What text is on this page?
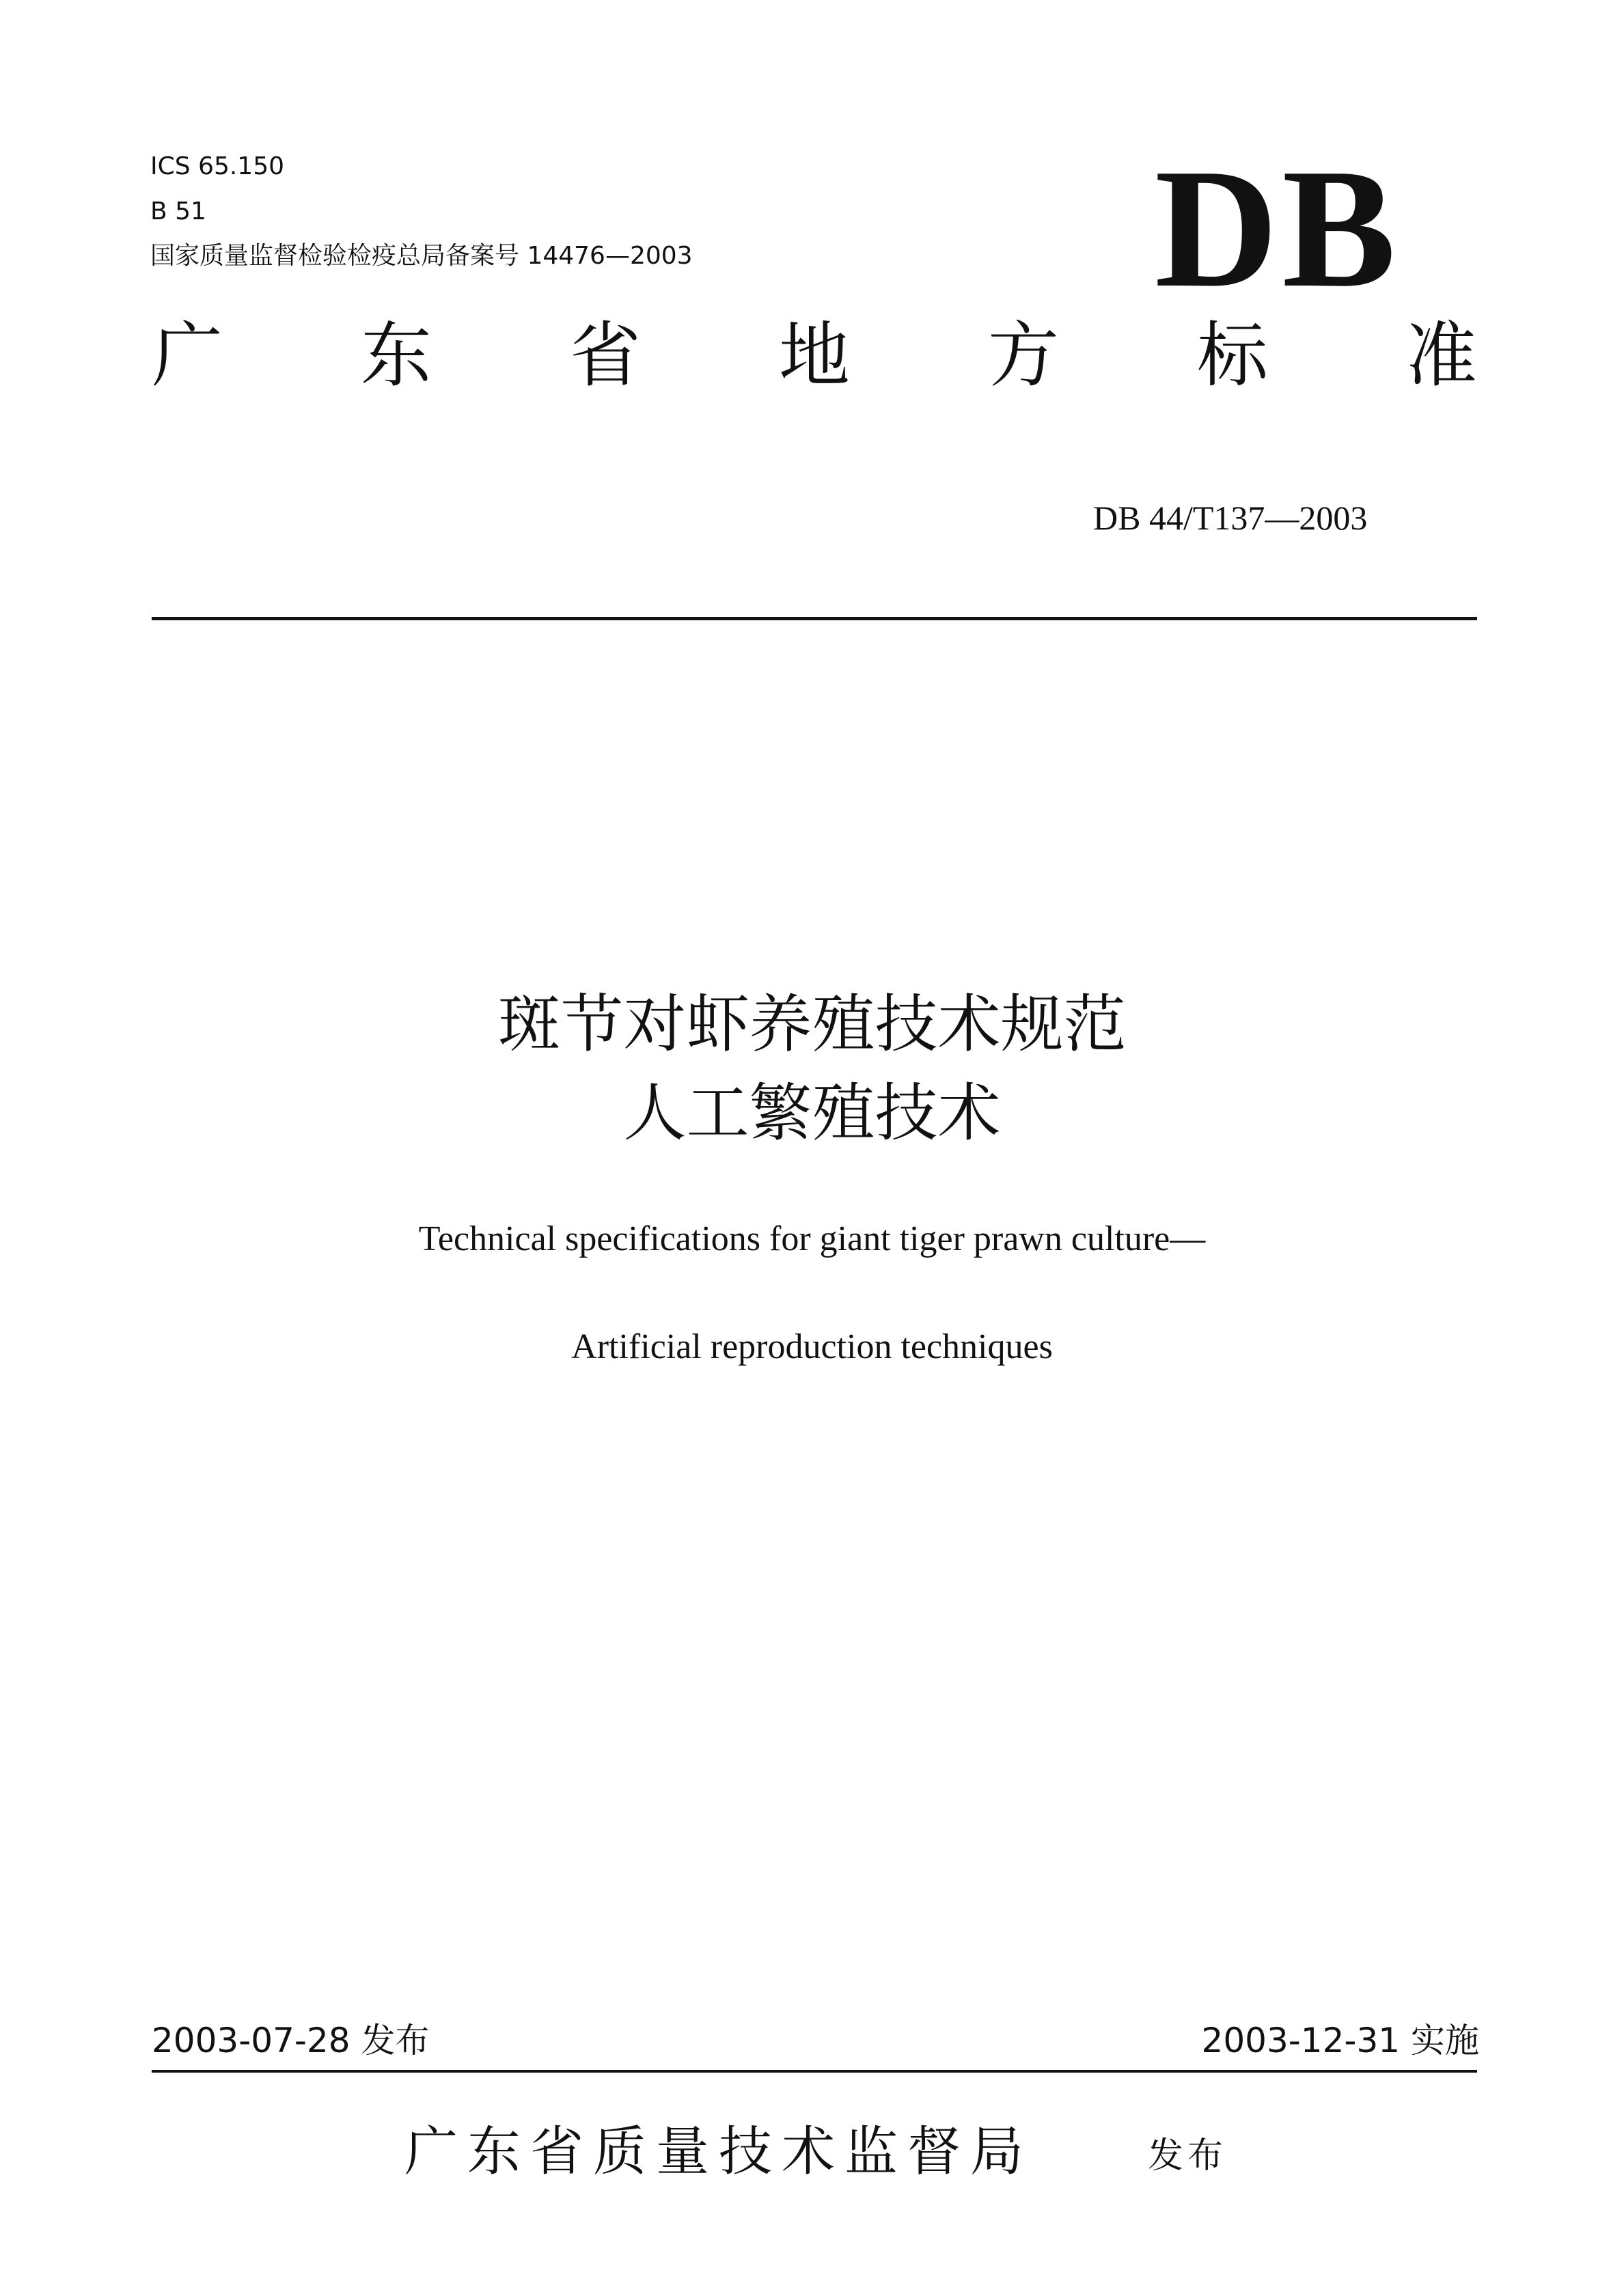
ICS 65.150
B 51
国家质量监督检验检疫总局备案号 14476—2003	DB
广 东 省 地 方 标 准
DB 44/T137—2003
斑节对虾养殖技术规范
人工繁殖技术
Technical specifications for giant tiger prawn culture—
Artificial reproduction techniques
2003-07-28 发布	2003-12-31 实施
广东省质量技术监督局	发布
